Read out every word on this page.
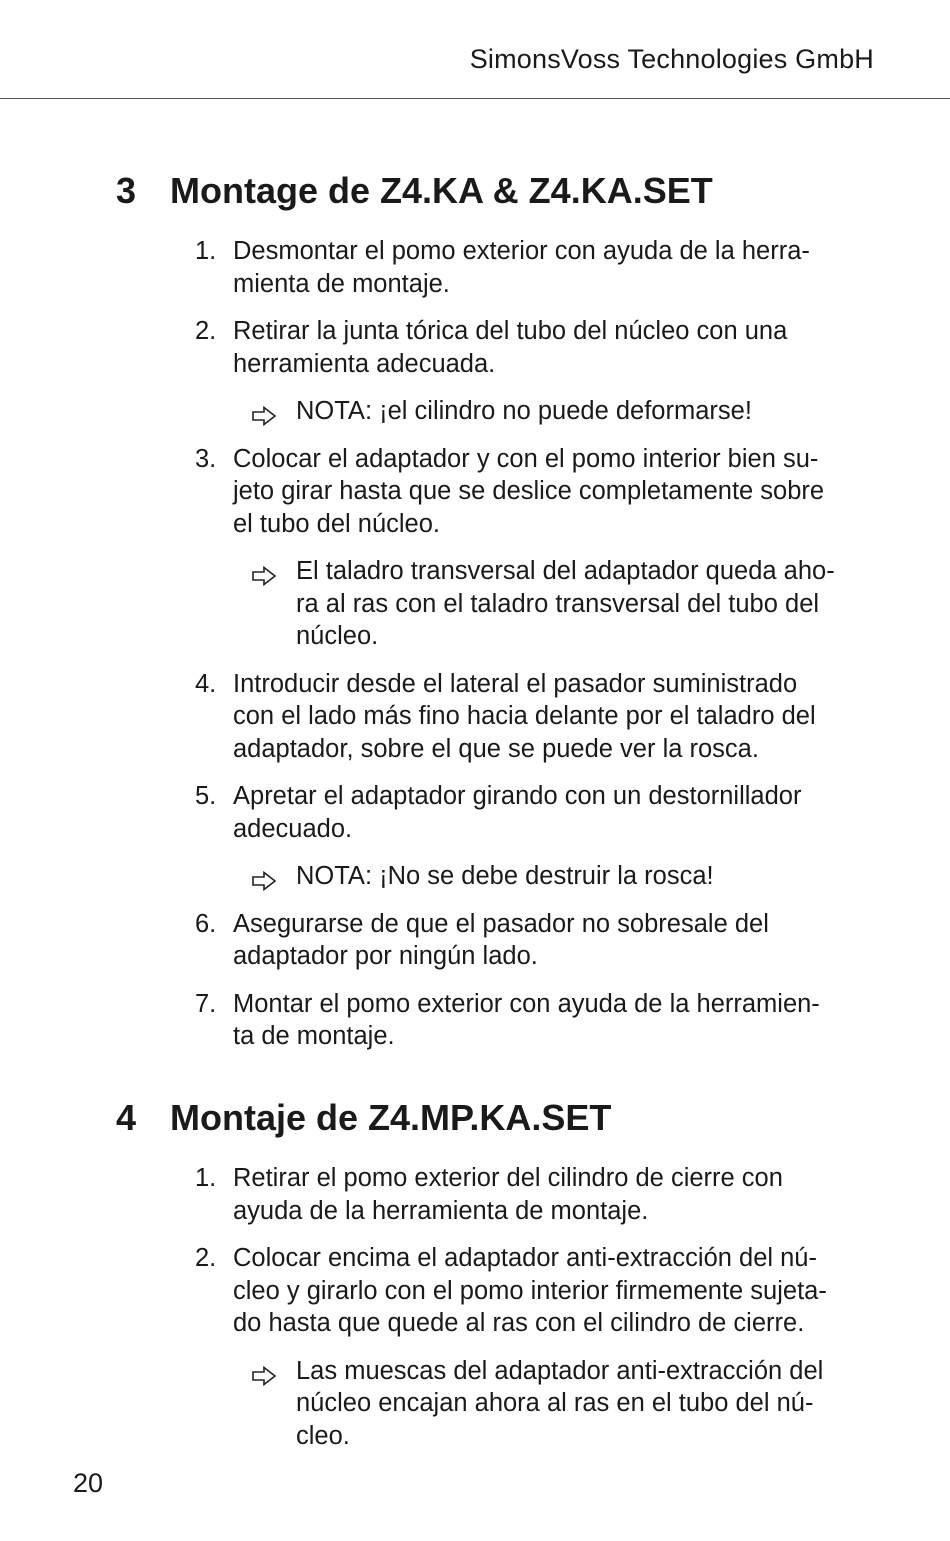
SimonsVoss Technologies GmbH
3 Montage de Z4.KA & Z4.KA.SET
1. Desmontar el pomo exterior con ayuda de la herra-
mienta de montaje.
2. Retirar la junta tórica del tubo del núcleo con una
herramienta adecuada.
NOTA: ¡el cilindro no puede deformarse!
3. Colocar el adaptador y con el pomo interior bien su-
jeto girar hasta que se deslice completamente sobre
el tubo del núcleo.
El taladro transversal del adaptador queda aho-
ra al ras con el taladro transversal del tubo del
núcleo.
4. Introducir desde el lateral el pasador suministrado
con el lado más fino hacia delante por el taladro del
adaptador, sobre el que se puede ver la rosca.
5. Apretar el adaptador girando con un destornillador
adecuado.
NOTA: ¡No se debe destruir la rosca!
6. Asegurarse de que el pasador no sobresale del
adaptador por ningún lado.
7. Montar el pomo exterior con ayuda de la herramien-
ta de montaje.
4 Montaje de Z4.MP.KA.SET
1. Retirar el pomo exterior del cilindro de cierre con
ayuda de la herramienta de montaje.
2. Colocar encima el adaptador anti-extracción del nú-
cleo y girarlo con el pomo interior firmemente sujeta-
do hasta que quede al ras con el cilindro de cierre.
Las muescas del adaptador anti-extracción del
núcleo encajan ahora al ras en el tubo del nú-
cleo.
20
